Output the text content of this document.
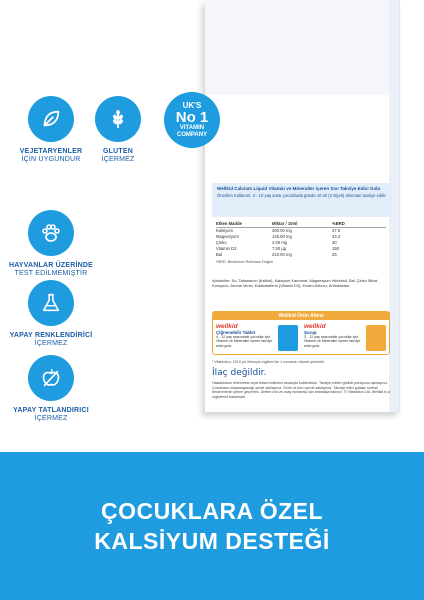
VEJETARYENLER
İÇİN UYGUNDUR
GLUTEN
İÇERMEZ
HAYVANLAR ÜZERİNDE
TEST EDİLMEMİŞTİR
YAPAY RENKLENDİRİCİ
İÇERMEZ
YAPAY TATLANDIRICI
İÇERMEZ
UK'S
No 1
VITAMIN COMPANY
Wellkid Calcium Liquid Vitamin ve Mineraller içeren Sıvı Takviye Edici Gıda
Önerilen Kullanım: 4 - 10 yaş arası çocuklarda günde 10 ml (2 ölçek) alınması tavsiye edilir.
Etken Madde	Miktar / 10ml	%BRD
Kalsiyum	300.00 mg	37.5
Magnezyum	125.00 mg	33.3
Çinko	3.00 mg	30
Vitamin D3	7.50 µg	150
Bal	210.00 mg	25
*BRD: Beslenme Referans Değeri
İçindekiler: Su, Tatlandırıcı (Ksilitol), Kalsiyum Karbonat, Magnezyum Hidroksit, Bal, Çinko Sitrat, Koruyucu, Aroma Verici, Kolekalsiferol (Vitamin D3), Kıvam Arttırıcı, Antioksidan.
Wellkid Ürün Ailesi
wellkid
Çiğnenebilir Tablet
4 - 12 yaş arasındaki çocuklar için Vitamin ve Mineraller içeren takviye edici gıda
wellkid
Şurup
3 - 12 yaş arasındaki çocuklar için Vitamin ve Mineraller içeren takviye edici gıda
* Vitabiotics, 2019 yılı itibarıyla İngiltere'de 1 numaralı vitamin şirketidir.
İlaç değildir.
Hastalıkların önlenmesi veya tedavi edilmesi amacıyla kullanılmaz. Tavsiye edilen günlük porsiyonu aşmayınız. Çocukların ulaşamayacağı yerde saklayınız. Serin ve kuru yerde saklayınız. Takviye edici gıdalar normal beslenmenin yerine geçemez. Üretim izni ve onay numarası için ambalaja bakınız. © Vitabiotics Ltd. Wellkid is a registered trademark.
ÇOCUKLARA ÖZEL
KALSİYUM DESTEĞİ
